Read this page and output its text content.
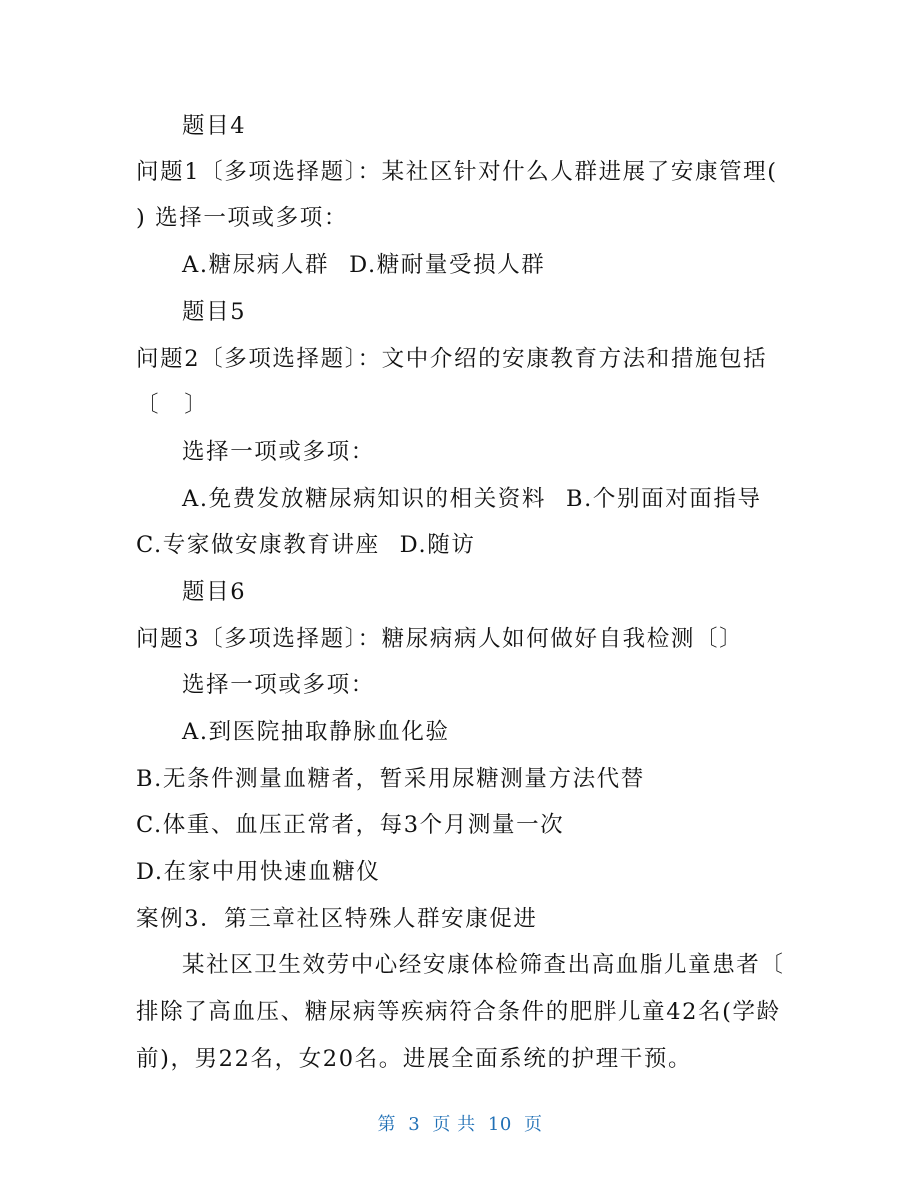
题目4
问题1〔多项选择题〕：某社区针对什么人群进展了安康管理(
) 选择一项或多项：
A.糖尿病人群 D.糖耐量受损人群
题目5
问题2〔多项选择题〕：文中介绍的安康教育方法和措施包括
〔　〕
选择一项或多项：
A.免费发放糖尿病知识的相关资料 B.个别面对面指导
C.专家做安康教育讲座 D.随访
题目6
问题3〔多项选择题〕：糖尿病病人如何做好自我检测〔〕
选择一项或多项：
A.到医院抽取静脉血化验
B.无条件测量血糖者，暂采用尿糖测量方法代替
C.体重、血压正常者，每3个月测量一次
D.在家中用快速血糖仪
案例3．第三章社区特殊人群安康促进
某社区卫生效劳中心经安康体检筛查出高血脂儿童患者〔
排除了高血压、糖尿病等疾病符合条件的肥胖儿童42名(学龄
前)，男22名，女20名。进展全面系统的护理干预。
第 3 页 共 10 页
